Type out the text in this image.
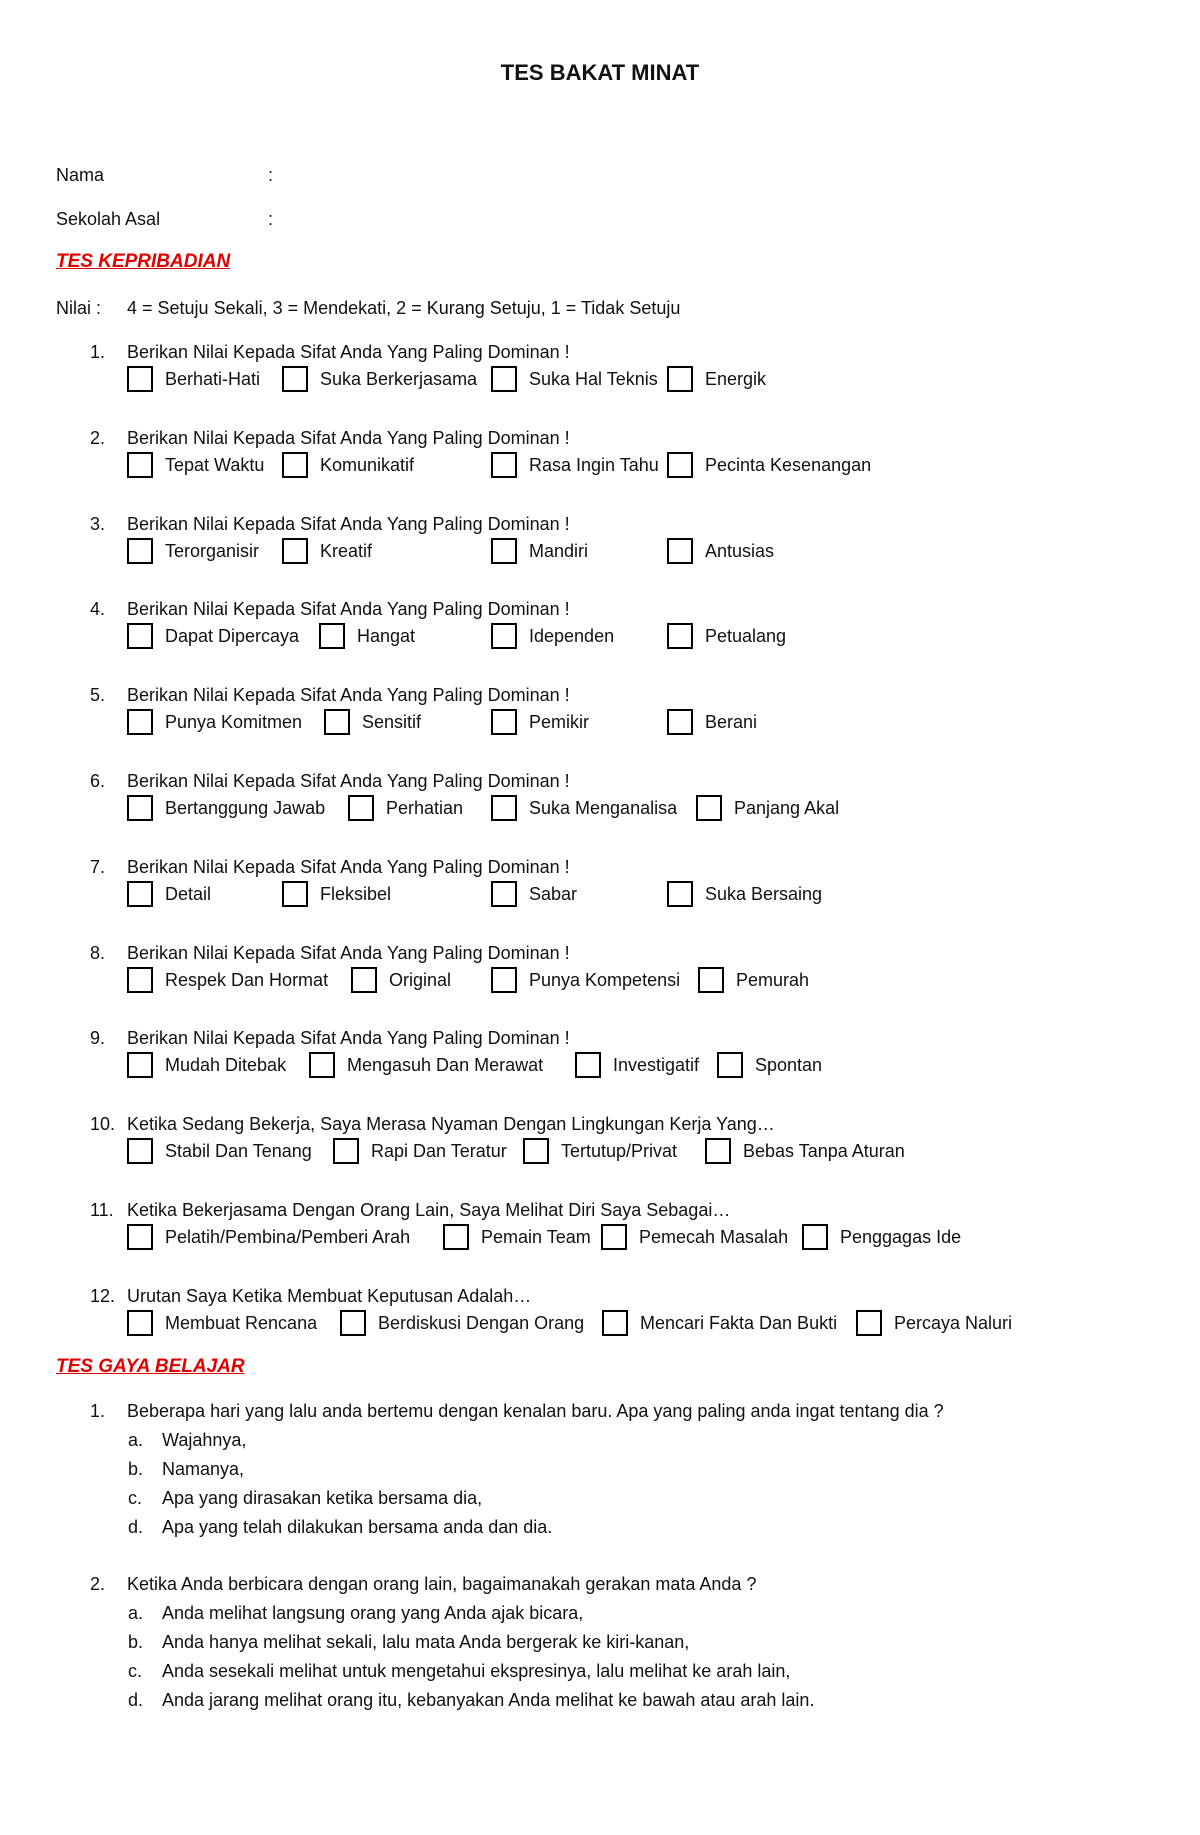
TES BAKAT MINAT
Nama	:
Sekolah Asal	:
TES KEPRIBADIAN
Nilai : 4 = Setuju Sekali, 3 = Mendekati, 2 = Kurang Setuju, 1 = Tidak Setuju
1. Berikan Nilai Kepada Sifat Anda Yang Paling Dominan !
Berhati-Hati	Suka Berkerjasama	Suka Hal Teknis	Energik
2. Berikan Nilai Kepada Sifat Anda Yang Paling Dominan !
Tepat Waktu	Komunikatif	Rasa Ingin Tahu	Pecinta Kesenangan
3. Berikan Nilai Kepada Sifat Anda Yang Paling Dominan !
Terorganisir	Kreatif	Mandiri	Antusias
4. Berikan Nilai Kepada Sifat Anda Yang Paling Dominan !
Dapat Dipercaya	Hangat	Idependen	Petualang
5. Berikan Nilai Kepada Sifat Anda Yang Paling Dominan !
Punya Komitmen	Sensitif	Pemikir	Berani
6. Berikan Nilai Kepada Sifat Anda Yang Paling Dominan !
Bertanggung Jawab	Perhatian	Suka Menganalisa	Panjang Akal
7. Berikan Nilai Kepada Sifat Anda Yang Paling Dominan !
Detail	Fleksibel	Sabar	Suka Bersaing
8. Berikan Nilai Kepada Sifat Anda Yang Paling Dominan !
Respek Dan Hormat	Original	Punya Kompetensi	Pemurah
9. Berikan Nilai Kepada Sifat Anda Yang Paling Dominan !
Mudah Ditebak	Mengasuh Dan Merawat	Investigatif	Spontan
10. Ketika Sedang Bekerja, Saya Merasa Nyaman Dengan Lingkungan Kerja Yang…
Stabil Dan Tenang	Rapi Dan Teratur	Tertutup/Privat	Bebas Tanpa Aturan
11. Ketika Bekerjasama Dengan Orang Lain, Saya Melihat Diri Saya Sebagai…
Pelatih/Pembina/Pemberi Arah	Pemain Team	Pemecah Masalah	Penggagas Ide
12. Urutan Saya Ketika Membuat Keputusan Adalah…
Membuat Rencana	Berdiskusi Dengan Orang	Mencari Fakta Dan Bukti	Percaya Naluri
TES GAYA BELAJAR
1. Beberapa hari yang lalu anda bertemu dengan kenalan baru. Apa yang paling anda ingat tentang dia ?
a. Wajahnya,
b. Namanya,
c. Apa yang dirasakan ketika bersama dia,
d. Apa yang telah dilakukan bersama anda dan dia.
2. Ketika Anda berbicara dengan orang lain, bagaimanakah gerakan mata Anda ?
a. Anda melihat langsung orang yang Anda ajak bicara,
b. Anda hanya melihat sekali, lalu mata Anda bergerak ke kiri-kanan,
c. Anda sesekali melihat untuk mengetahui ekspresinya, lalu melihat ke arah lain,
d. Anda jarang melihat orang itu, kebanyakan Anda melihat ke bawah atau arah lain.
